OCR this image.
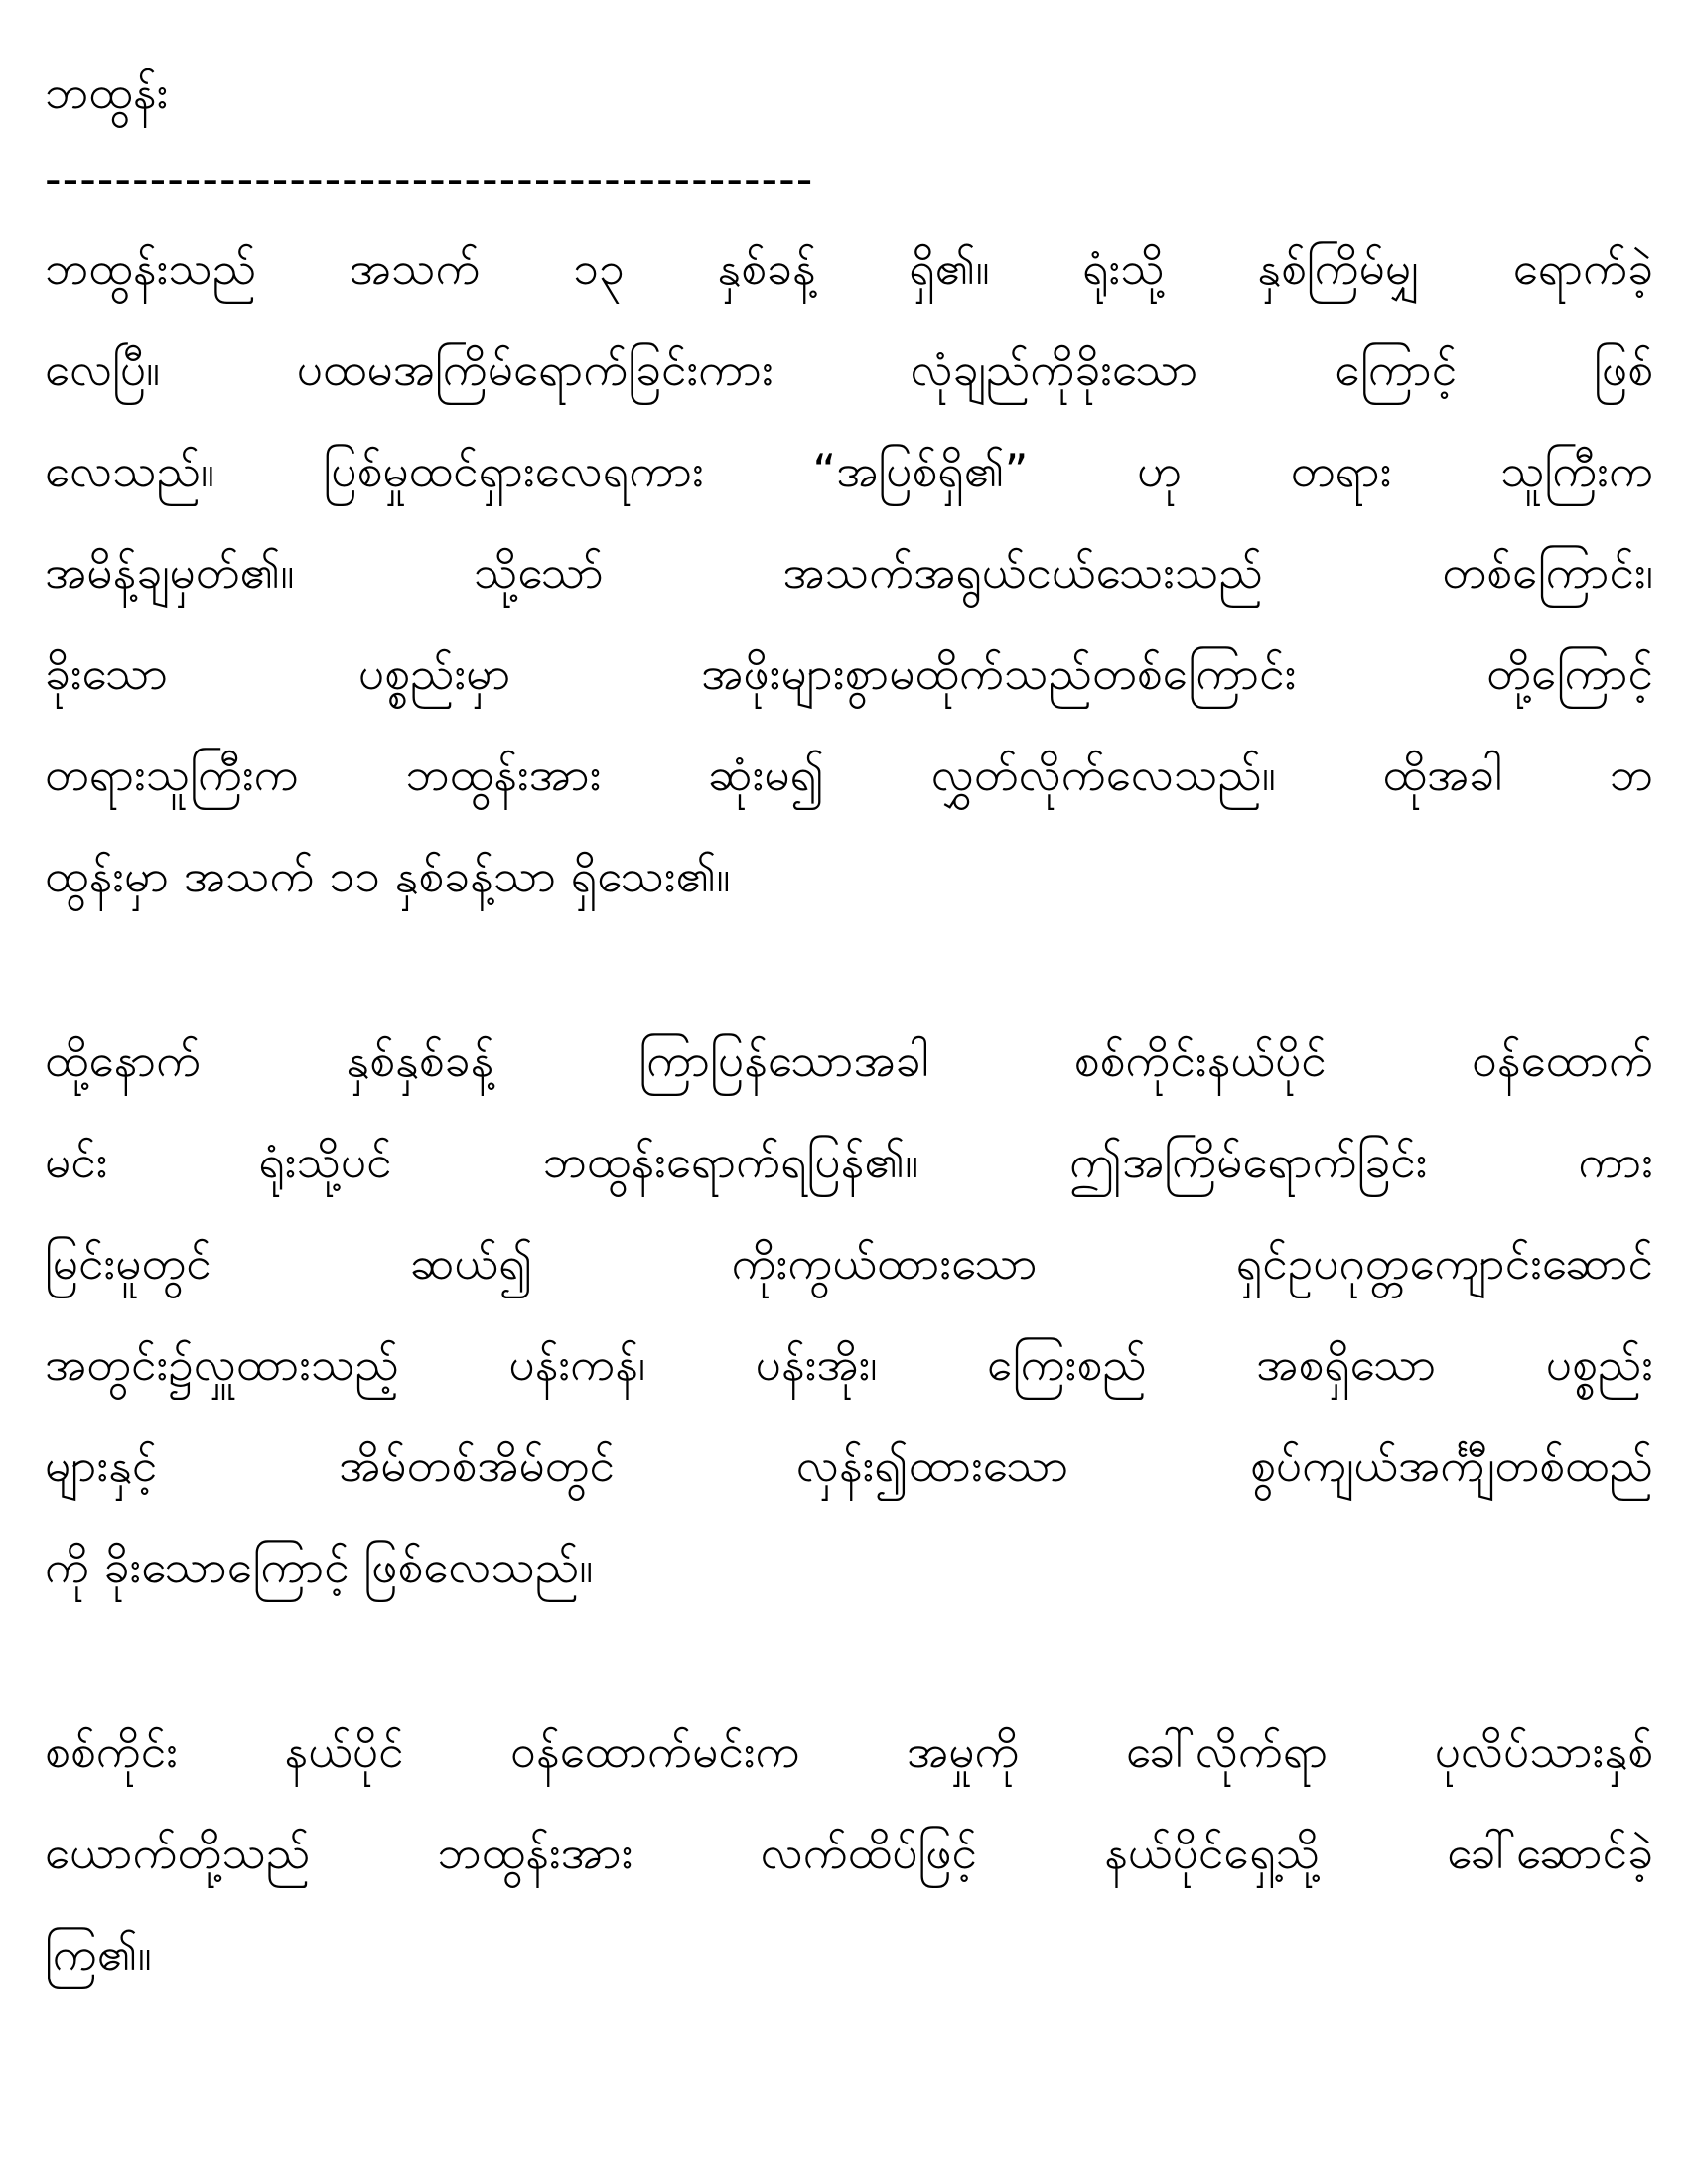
ဘထွန်း
--------------------------------------------
ဘထွန်းသည် အသက် ၁၃ နှစ်ခန့် ရှိ၏။ ရုံးသို့ နှစ်ကြိမ်မျှ ရောက်ခဲ့
လေပြီ။ ပထမအကြိမ်ရောက်ခြင်းကား လုံချည်ကိုခိုးသော ကြောင့် ဖြစ်
လေသည်။ ပြစ်မှုထင်ရှားလေရကား “အပြစ်ရှိ၏” ဟု တရား သူကြီးက
အမိန့်ချမှတ်၏။ သို့သော် အသက်အရွယ်ငယ်သေးသည် တစ်ကြောင်း၊
ခိုးသော ပစ္စည်းမှာ အဖိုးများစွာမထိုက်သည်တစ်ကြောင်း တို့ကြောင့်
တရားသူကြီးက ဘထွန်းအား ဆုံးမ၍ လွှတ်လိုက်လေသည်။ ထိုအခါ ဘ
ထွန်းမှာ အသက် ၁၁ နှစ်ခန့်သာ ရှိသေး၏။
ထို့နောက် နှစ်နှစ်ခန့် ကြာပြန်သောအခါ စစ်ကိုင်းနယ်ပိုင် ဝန်ထောက်
မင်း ရုံးသို့ပင် ဘထွန်းရောက်ရပြန်၏။ ဤအကြိမ်ရောက်ခြင်း ကား
မြင်းမူတွင် ဆယ်၍ ကိုးကွယ်ထားသော ရှင်ဥပဂုတ္တကျောင်းဆောင်
အတွင်း၌လှူထားသည့် ပန်းကန်၊ ပန်းအိုး၊ ကြေးစည် အစရှိသော ပစ္စည်း
များနှင့် အိမ်တစ်အိမ်တွင် လှန်း၍ထားသော စွပ်ကျယ်အင်္ကျီတစ်ထည်
ကို ခိုးသောကြောင့် ဖြစ်လေသည်။
စစ်ကိုင်း နယ်ပိုင် ဝန်ထောက်မင်းက အမှုကို ခေါ်လိုက်ရာ ပုလိပ်သားနှစ်
ယောက်တို့သည် ဘထွန်းအား လက်ထိပ်ဖြင့် နယ်ပိုင်ရှေ့သို့ ခေါ်ဆောင်ခဲ့
ကြ၏။
